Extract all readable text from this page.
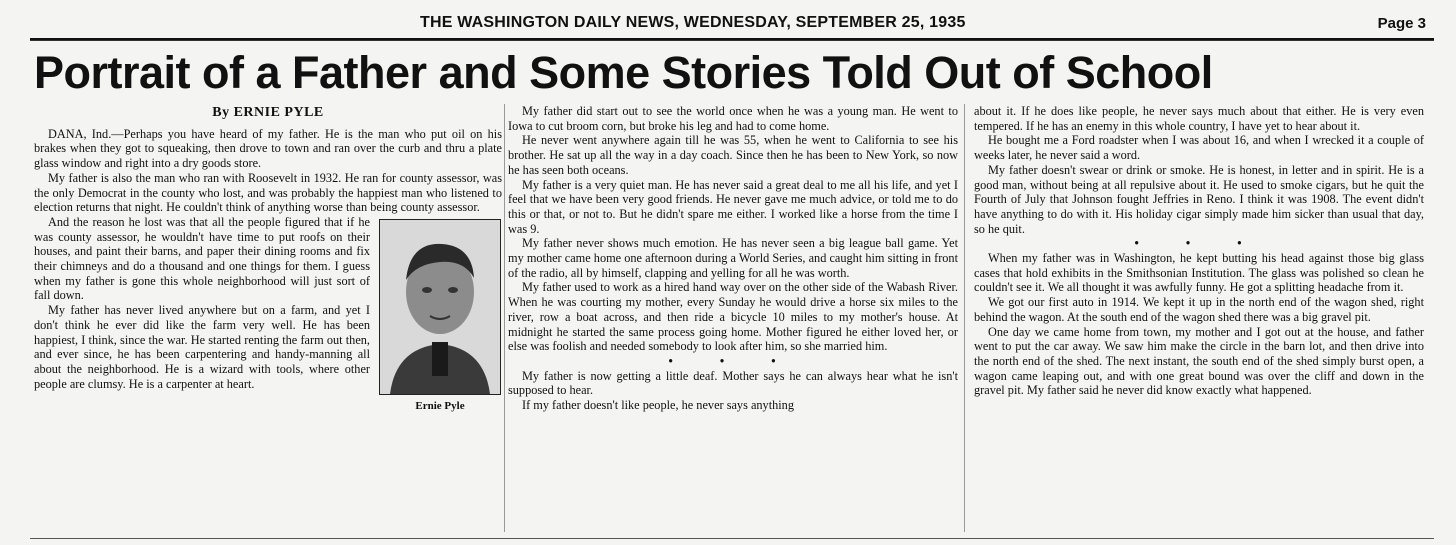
THE WASHINGTON DAILY NEWS, WEDNESDAY, SEPTEMBER 25, 1935	Page 3
Portrait of a Father and Some Stories Told Out of School
By ERNIE PYLE

DANA, Ind.—Perhaps you have heard of my father. He is the man who put oil on his brakes when they got to squeaking, then drove to town and ran over the curb and thru a plate glass window and right into a dry goods store.

My father is also the man who ran with Roosevelt in 1932. He ran for county assessor, was the only Democrat in the county who lost, and was probably the happiest man who listened to election returns that night. He couldn't think of anything worse than being county assessor.

Ernie Pyle

And the reason he lost was that all the people figured that if he was county assessor, he wouldn't have time to put roofs on their houses, and paint their barns, and paper their dining rooms and fix their chimneys and do a thousand and one things for them. I guess when my father is gone this whole neighborhood will just sort of fall down.

My father has never lived anywhere but on a farm, and yet I don't think he ever did like the farm very well. He has been happiest, I think, since the war. He started renting the farm out then, and ever since, he has been carpentering and handy-manning all about the neighborhood. He is a wizard with tools, where other people are clumsy. He is a carpenter at heart.

My father did start out to see the world once when he was a young man. He went to Iowa to cut broom corn, but broke his leg and had to come home.

He never went anywhere again till he was 55, when he went to California to see his brother. He sat up all the way in a day coach. Since then he has been to New York, so now he has seen both oceans.

My father is a very quiet man. He has never said a great deal to me all his life, and yet I feel that we have been very good friends. He never gave me much advice, or told me to do this or that, or not to. But he didn't spare me either. I worked like a horse from the time I was 9.

My father never shows much emotion. He has never seen a big league ball game. Yet my mother came home one afternoon during a World Series, and caught him sitting in front of the radio, all by himself, clapping and yelling for all he was worth.

My father used to work as a hired hand way over on the other side of the Wabash River. When he was courting my mother, every Sunday he would drive a horse six miles to the river, row a boat across, and then ride a bicycle 10 miles to my mother's house. At midnight he started the same process going home. Mother figured he either loved her, or else was foolish and needed somebody to look after him, so she married him.

• • •

My father is now getting a little deaf. Mother says he can always hear what he isn't supposed to hear.

If my father doesn't like people, he never says anything

about it. If he does like people, he never says much about that either. He is very even tempered. If he has an enemy in this whole country, I have yet to hear about it.

He bought me a Ford roadster when I was about 16, and when I wrecked it a couple of weeks later, he never said a word.

My father doesn't swear or drink or smoke. He is honest, in letter and in spirit. He is a good man, without being at all repulsive about it. He used to smoke cigars, but he quit the Fourth of July that Johnson fought Jeffries in Reno. I think it was 1908. The event didn't have anything to do with it. His holiday cigar simply made him sicker than usual that day, so he quit.

• • •

When my father was in Washington, he kept butting his head against those big glass cases that hold exhibits in the Smithsonian Institution. The glass was polished so clean he couldn't see it. We all thought it was awfully funny. He got a splitting headache from it.

We got our first auto in 1914. We kept it up in the north end of the wagon shed, right behind the wagon. At the south end of the wagon shed there was a big gravel pit.

One day we came home from town, my mother and I got out at the house, and father went to put the car away. We saw him make the circle in the barn lot, and then drive into the north end of the shed. The next instant, the south end of the shed simply burst open, a wagon came leaping out, and with one great bound was over the cliff and down in the gravel pit. My father said he never did know exactly what happened.
